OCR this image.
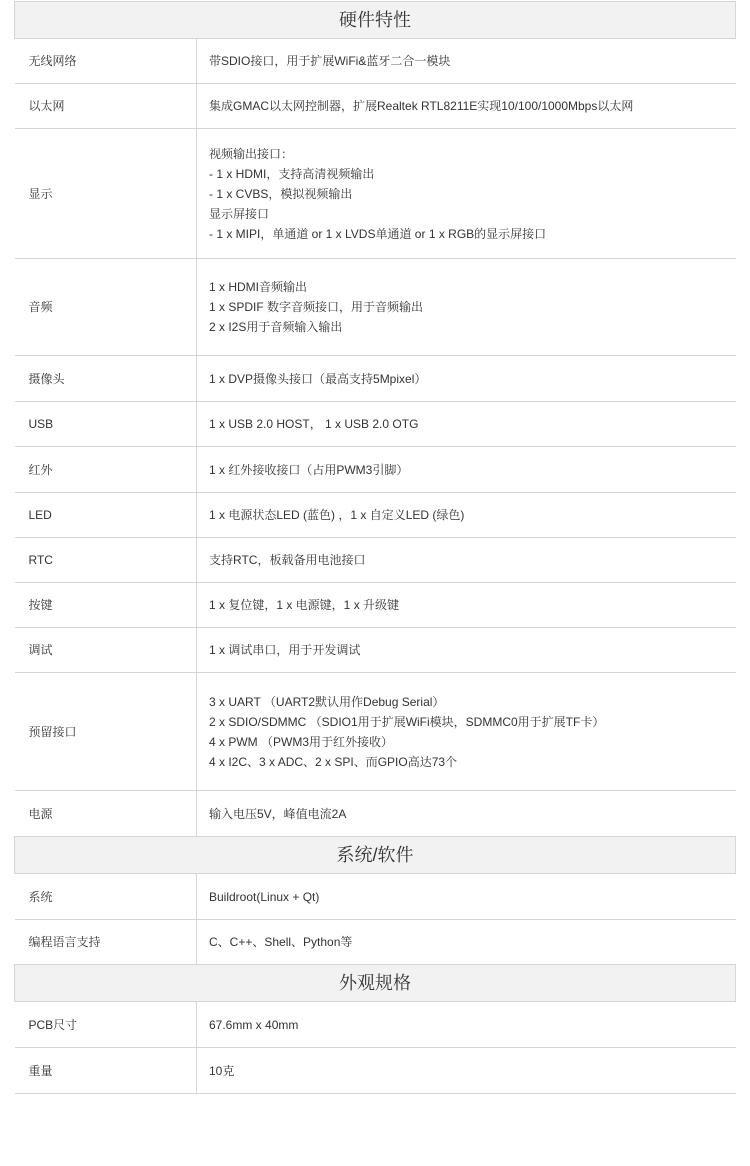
硬件特性	
无线网络	带SDIO接口，用于扩展WiFi&蓝牙二合一模块

以太网	集成GMAC以太网控制器，扩展Realtek RTL8211E实现10/100/1000Mbps以太网

显示	视频输出接口：
- 1 x HDMI，支持高清视频输出
- 1 x CVBS，模拟视频输出
显示屏接口
- 1 x MIPI，单通道 or 1 x LVDS单通道 or 1 x RGB的显示屏接口

音频	1 x HDMI音频输出
1 x SPDIF 数字音频接口，用于音频输出
2 x I2S用于音频输入输出

摄像头	1 x DVP摄像头接口（最高支持5Mpixel）

USB	1 x USB 2.0 HOST， 1 x USB 2.0 OTG

红外	1 x 红外接收接口（占用PWM3引脚）

LED	1 x 电源状态LED (蓝色) ，1 x 自定义LED (绿色)

RTC	支持RTC，板载备用电池接口

按键	1 x 复位键，1 x 电源键，1 x 升级键

调试	1 x 调试串口，用于开发调试

预留接口	3 x UART （UART2默认用作Debug Serial）
2 x SDIO/SDMMC （SDIO1用于扩展WiFi模块，SDMMC0用于扩展TF卡）
4 x PWM （PWM3用于红外接收）
4 x I2C、3 x ADC、2 x SPI、而GPIO高达73个

电源	输入电压5V，峰值电流2A

系统/软件	
系统	Buildroot(Linux + Qt)

编程语言支持	C、C++、Shell、Python等

外观规格	
PCB尺寸	67.6mm x 40mm

重量	10克
